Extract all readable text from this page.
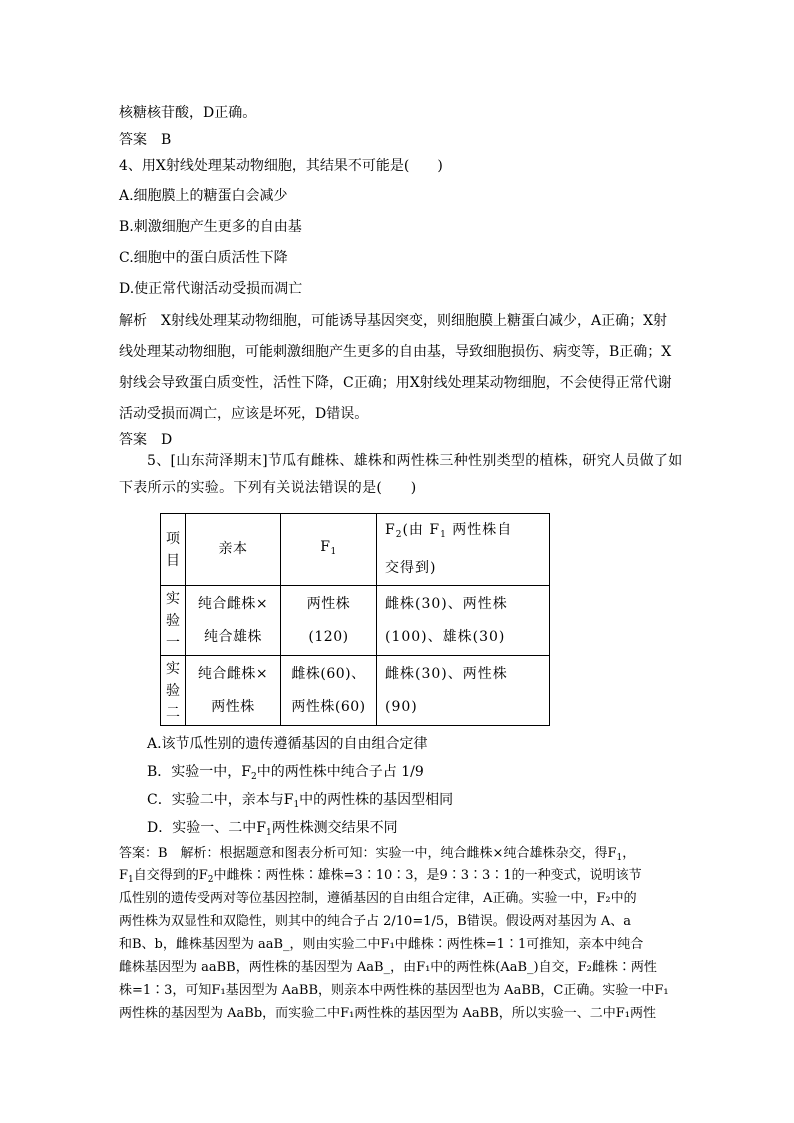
核糖核苷酸，D正确。
答案　B
4、用X射线处理某动物细胞，其结果不可能是(　　)
A.细胞膜上的糖蛋白会减少
B.刺激细胞产生更多的自由基
C.细胞中的蛋白质活性下降
D.使正常代谢活动受损而凋亡
解析　X射线处理某动物细胞，可能诱导基因突变，则细胞膜上糖蛋白减少，A正确；X射
线处理某动物细胞，可能刺激细胞产生更多的自由基，导致细胞损伤、病变等，B正确；X
射线会导致蛋白质变性，活性下降，C正确；用X射线处理某动物细胞，不会使得正常代谢
活动受损而凋亡，应该是坏死，D错误。
答案　D
5、[山东菏泽期末]节瓜有雌株、雄株和两性株三种性别类型的植株，研究人员做了如
下表所示的实验。下列有关说法错误的是(　　)
项目	亲本	$F_1$	$F_2$(由 $F_1$ 两性株自
交得到)

实
验
一	纯合雌株×
纯合雄株	两性株
(120)	雌株(30)、两性株
(100)、雄株(30)

实
验
二	纯合雌株×
两性株	雌株(60)、
两性株(60)	雌株(30)、两性株
(90)
A.该节瓜性别的遗传遵循基因的自由组合定律
B．实验一中，$F_2$中的两性株中纯合子占 1/9
C．实验二中，亲本与$F_1$中的两性株的基因型相同
D．实验一、二中$F_1$两性株测交结果不同
答案：B　解析：根据题意和图表分析可知：实验一中，纯合雌株×纯合雄株杂交，得$F_1$，
$F_1$自交得到的$F_2$中雌株∶两性株∶雄株=3∶10∶3，是9∶3∶3∶1的一种变式，说明该节
瓜性别的遗传受两对等位基因控制，遵循基因的自由组合定律，A正确。实验一中，F₂中的
两性株为双显性和双隐性，则其中的纯合子占 2/10=1/5，B错误。假设两对基因为 A、a
和B、b，雌株基因型为 aaB_，则由实验二中F₁中雌株∶两性株=1∶1可推知，亲本中纯合
雌株基因型为 aaBB，两性株的基因型为 AaB_，由F₁中的两性株(AaB_)自交，F₂雌株∶两性
株=1∶3，可知F₁基因型为 AaBB，则亲本中两性株的基因型也为 AaBB，C正确。实验一中F₁
两性株的基因型为 AaBb，而实验二中F₁两性株的基因型为 AaBB，所以实验一、二中F₁两性
